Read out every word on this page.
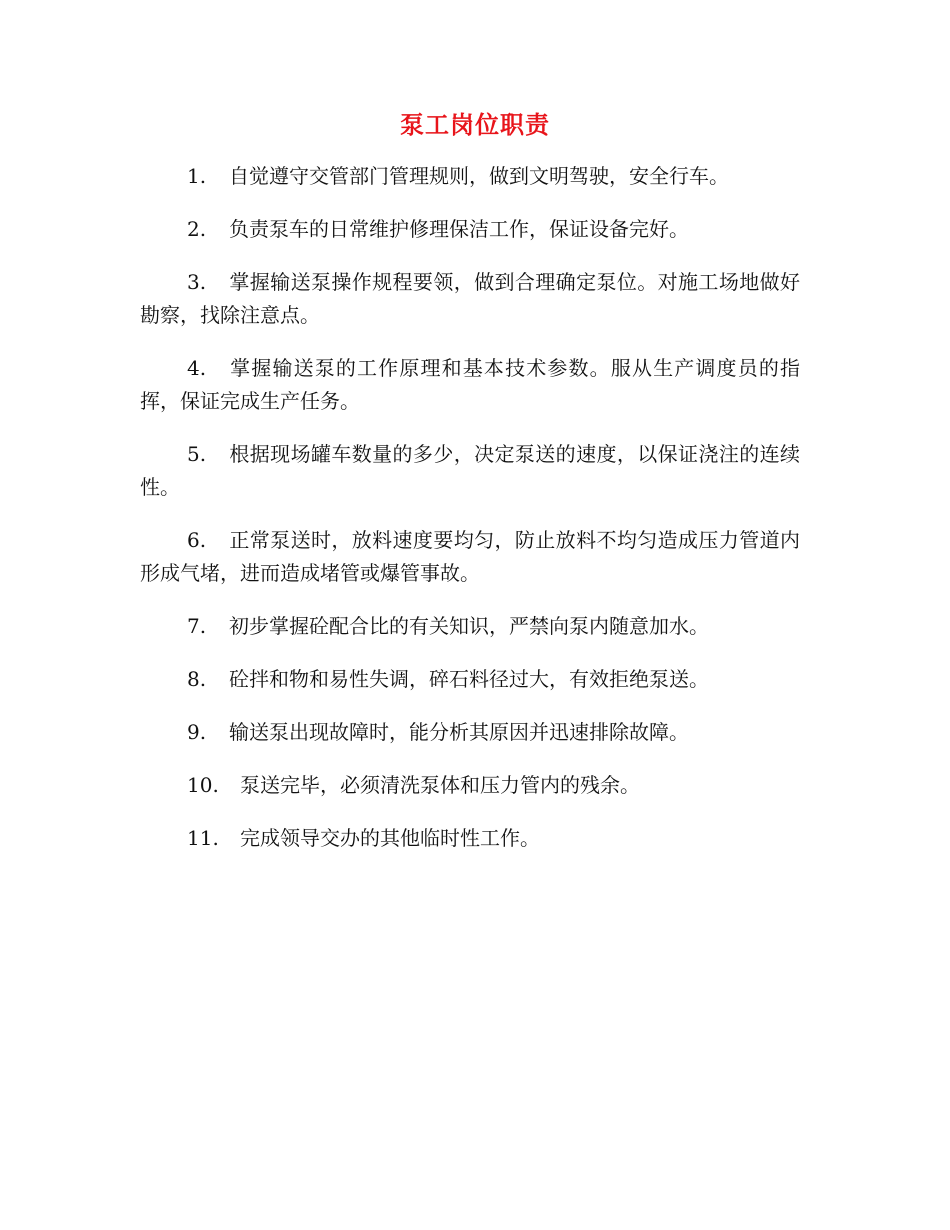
泵工岗位职责

1. 自觉遵守交管部门管理规则，做到文明驾驶，安全行车。

2. 负责泵车的日常维护修理保洁工作，保证设备完好。

3. 掌握输送泵操作规程要领，做到合理确定泵位。对施工场地做好勘察，找除注意点。

4. 掌握输送泵的工作原理和基本技术参数。服从生产调度员的指挥，保证完成生产任务。

5. 根据现场罐车数量的多少，决定泵送的速度，以保证浇注的连续性。

6. 正常泵送时，放料速度要均匀，防止放料不均匀造成压力管道内形成气堵，进而造成堵管或爆管事故。

7. 初步掌握砼配合比的有关知识，严禁向泵内随意加水。

8. 砼拌和物和易性失调，碎石料径过大，有效拒绝泵送。

9. 输送泵出现故障时，能分析其原因并迅速排除故障。

10. 泵送完毕，必须清洗泵体和压力管内的残余。

11. 完成领导交办的其他临时性工作。
